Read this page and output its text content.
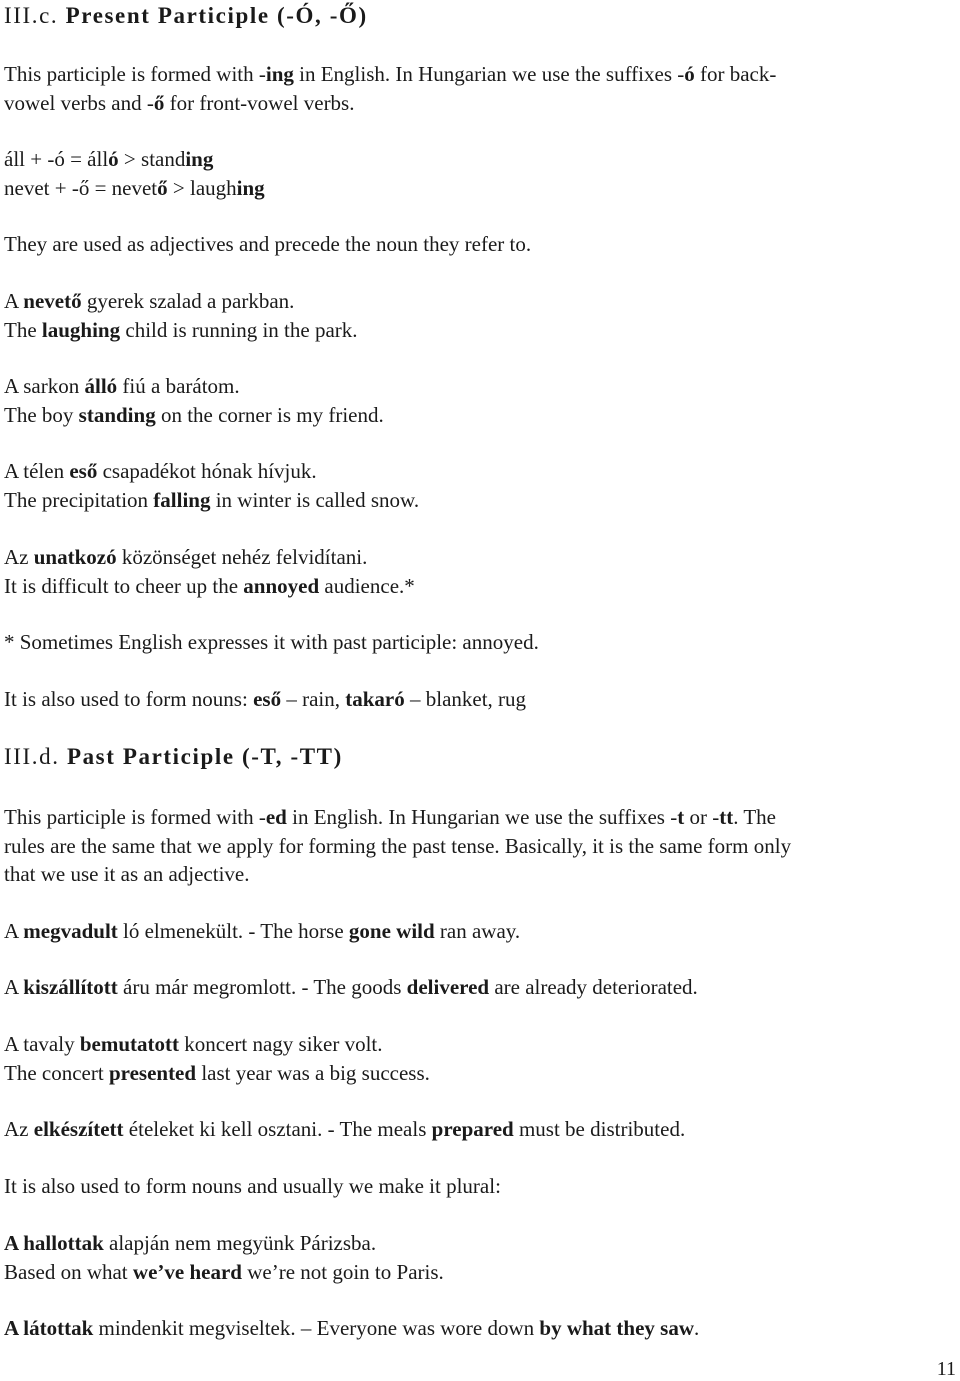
III.c. Present Participle (-Ó, -Ő)
This participle is formed with -ing in English. In Hungarian we use the suffixes -ó for back-
vowel verbs and -ő for front-vowel verbs.
áll + -ó = álló > standing
nevet + -ő = nevető > laughing
They are used as adjectives and precede the noun they refer to.
A nevető gyerek szalad a parkban.
The laughing child is running in the park.
A sarkon álló fiú a barátom.
The boy standing on the corner is my friend.
A télen eső csapadékot hónak hívjuk.
The precipitation falling in winter is called snow.
Az unatkozó közönséget nehéz felvidítani.
It is difficult to cheer up the annoyed audience.*
* Sometimes English expresses it with past participle: annoyed.
It is also used to form nouns: eső – rain, takaró – blanket, rug
III.d. Past Participle (-T, -TT)
This participle is formed with -ed in English. In Hungarian we use the suffixes -t or -tt. The
rules are the same that we apply for forming the past tense. Basically, it is the same form only
that we use it as an adjective.
A megvadult ló elmenekült. - The horse gone wild ran away.
A kiszállított áru már megromlott. - The goods delivered are already deteriorated.
A tavaly bemutatott koncert nagy siker volt.
The concert presented last year was a big success.
Az elkészített ételeket ki kell osztani. - The meals prepared must be distributed.
It is also used to form nouns and usually we make it plural:
A hallottak alapján nem megyünk Párizsba.
Based on what we’ve heard we’re not goin to Paris.
A látottak mindenkit megviseltek. – Everyone was wore down by what they saw.
11
